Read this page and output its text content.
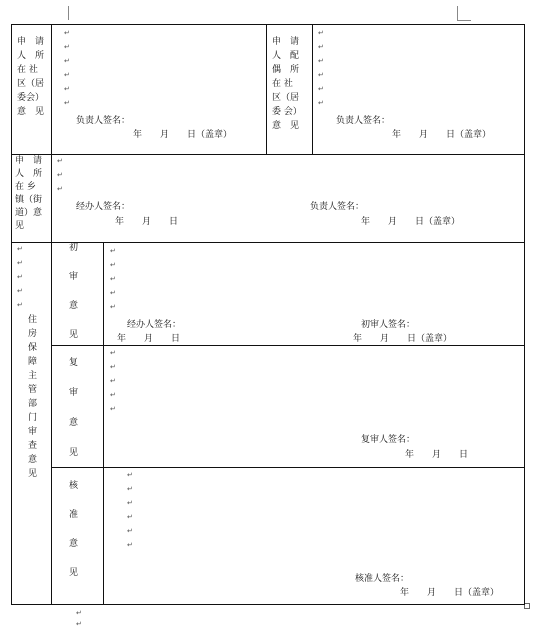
申　请
人　所
在 社
区（居
委会）
意　见
↵
↵
↵
↵
↵
↵
负责人签名：
年　　月　　日（盖章）
申　请
人　配
偶　所
在 社
区（居
委 会）
意　见
↵
↵
↵
↵
↵
↵
负责人签名：
年　　月　　日（盖章）
申　请
人　所
在 乡
镇（街
道）意
见
↵
↵
↵
经办人签名：
年　　月　　日
负责人签名：
年　　月　　日（盖章）
↵
↵
↵
↵
↵
住
房
保
障
主
管
部
门
审
查
意
见
初
审
意
见
↵
↵
↵
↵
↵
经办人签名：
年　　月　　日
初审人签名：
年　　月　　日（盖章）
复
审
意
见
↵
↵
↵
↵
↵
复审人签名：
年　　月　　日
核
准
意
见
↵
↵
↵
↵
↵
↵
核准人签名：
年　　月　　日（盖章）
↵
↵
